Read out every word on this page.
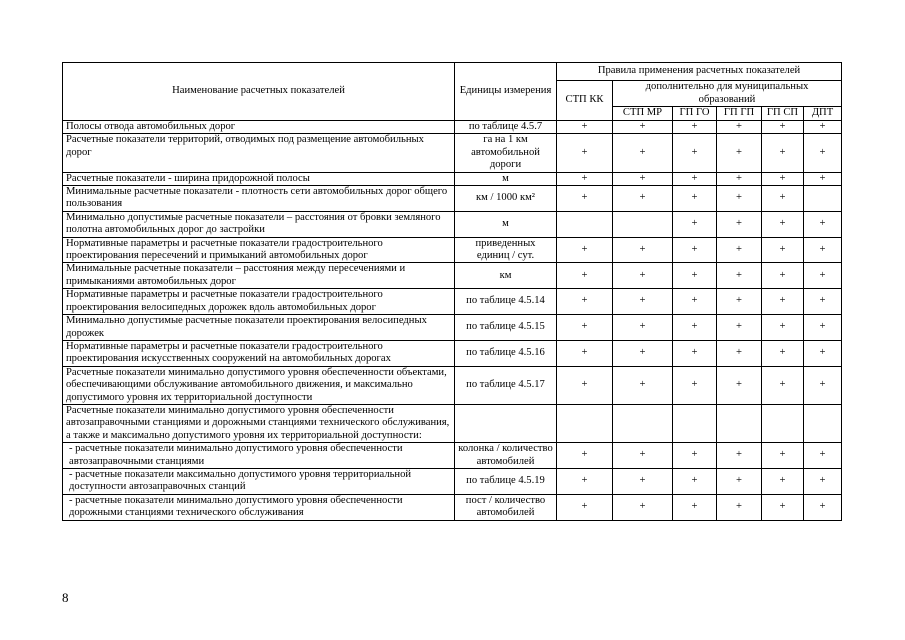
Наименование расчетных показателей	Единицы измерения	Правила применения расчетных показателей					
		СТП КК	дополнительно для муниципальных образований				
			СТП МР	ГП ГО	ГП ГП	ГП СП	ДПТ
Полосы отвода автомобильных дорог	по таблице 4.5.7	+	+	+	+	+	+
Расчетные показатели территорий, отводимых под размещение автомобильных дорог	га на 1 км автомобильной дороги	+	+	+	+	+	+
Расчетные показатели - ширина придорожной полосы	м	+	+	+	+	+	+
Минимальные расчетные показатели - плотность сети автомобильных дорог общего пользования	км / 1000 км²	+	+	+	+	+	
Минимально допустимые расчетные показатели – расстояния от бровки земляного полотна автомобильных дорог до застройки	м			+	+	+	+
Нормативные параметры и расчетные показатели градостроительного проектирования пересечений и примыканий автомобильных дорог	приведенных единиц / сут.	+	+	+	+	+	+
Минимальные расчетные показатели – расстояния между пересечениями и примыканиями автомобильных дорог	км	+	+	+	+	+	+
Нормативные параметры и расчетные показатели градостроительного проектирования велосипедных дорожек вдоль автомобильных дорог	по таблице 4.5.14	+	+	+	+	+	+
Минимально допустимые расчетные показатели проектирования велосипедных дорожек	по таблице 4.5.15	+	+	+	+	+	+
Нормативные параметры и расчетные показатели градостроительного проектирования искусственных сооружений на автомобильных дорогах	по таблице 4.5.16	+	+	+	+	+	+
Расчетные показатели минимально допустимого уровня обеспеченности объектами, обеспечивающими обслуживание автомобильного движения, и максимально допустимого уровня их территориальной доступности	по таблице 4.5.17	+	+	+	+	+	+
Расчетные показатели минимально допустимого уровня обеспеченности автозаправочными станциями и дорожными станциями технического обслуживания, а также и максимально допустимого уровня их территориальной доступности:							
- расчетные показатели минимально допустимого уровня обеспеченности автозаправочными станциями	колонка / количество автомобилей	+	+	+	+	+	+
- расчетные показатели максимально допустимого уровня территориальной доступности автозаправочных станций	по таблице 4.5.19	+	+	+	+	+	+
- расчетные показатели минимально допустимого уровня обеспеченности дорожными станциями технического обслуживания	пост / количество автомобилей	+	+	+	+	+	+
8
